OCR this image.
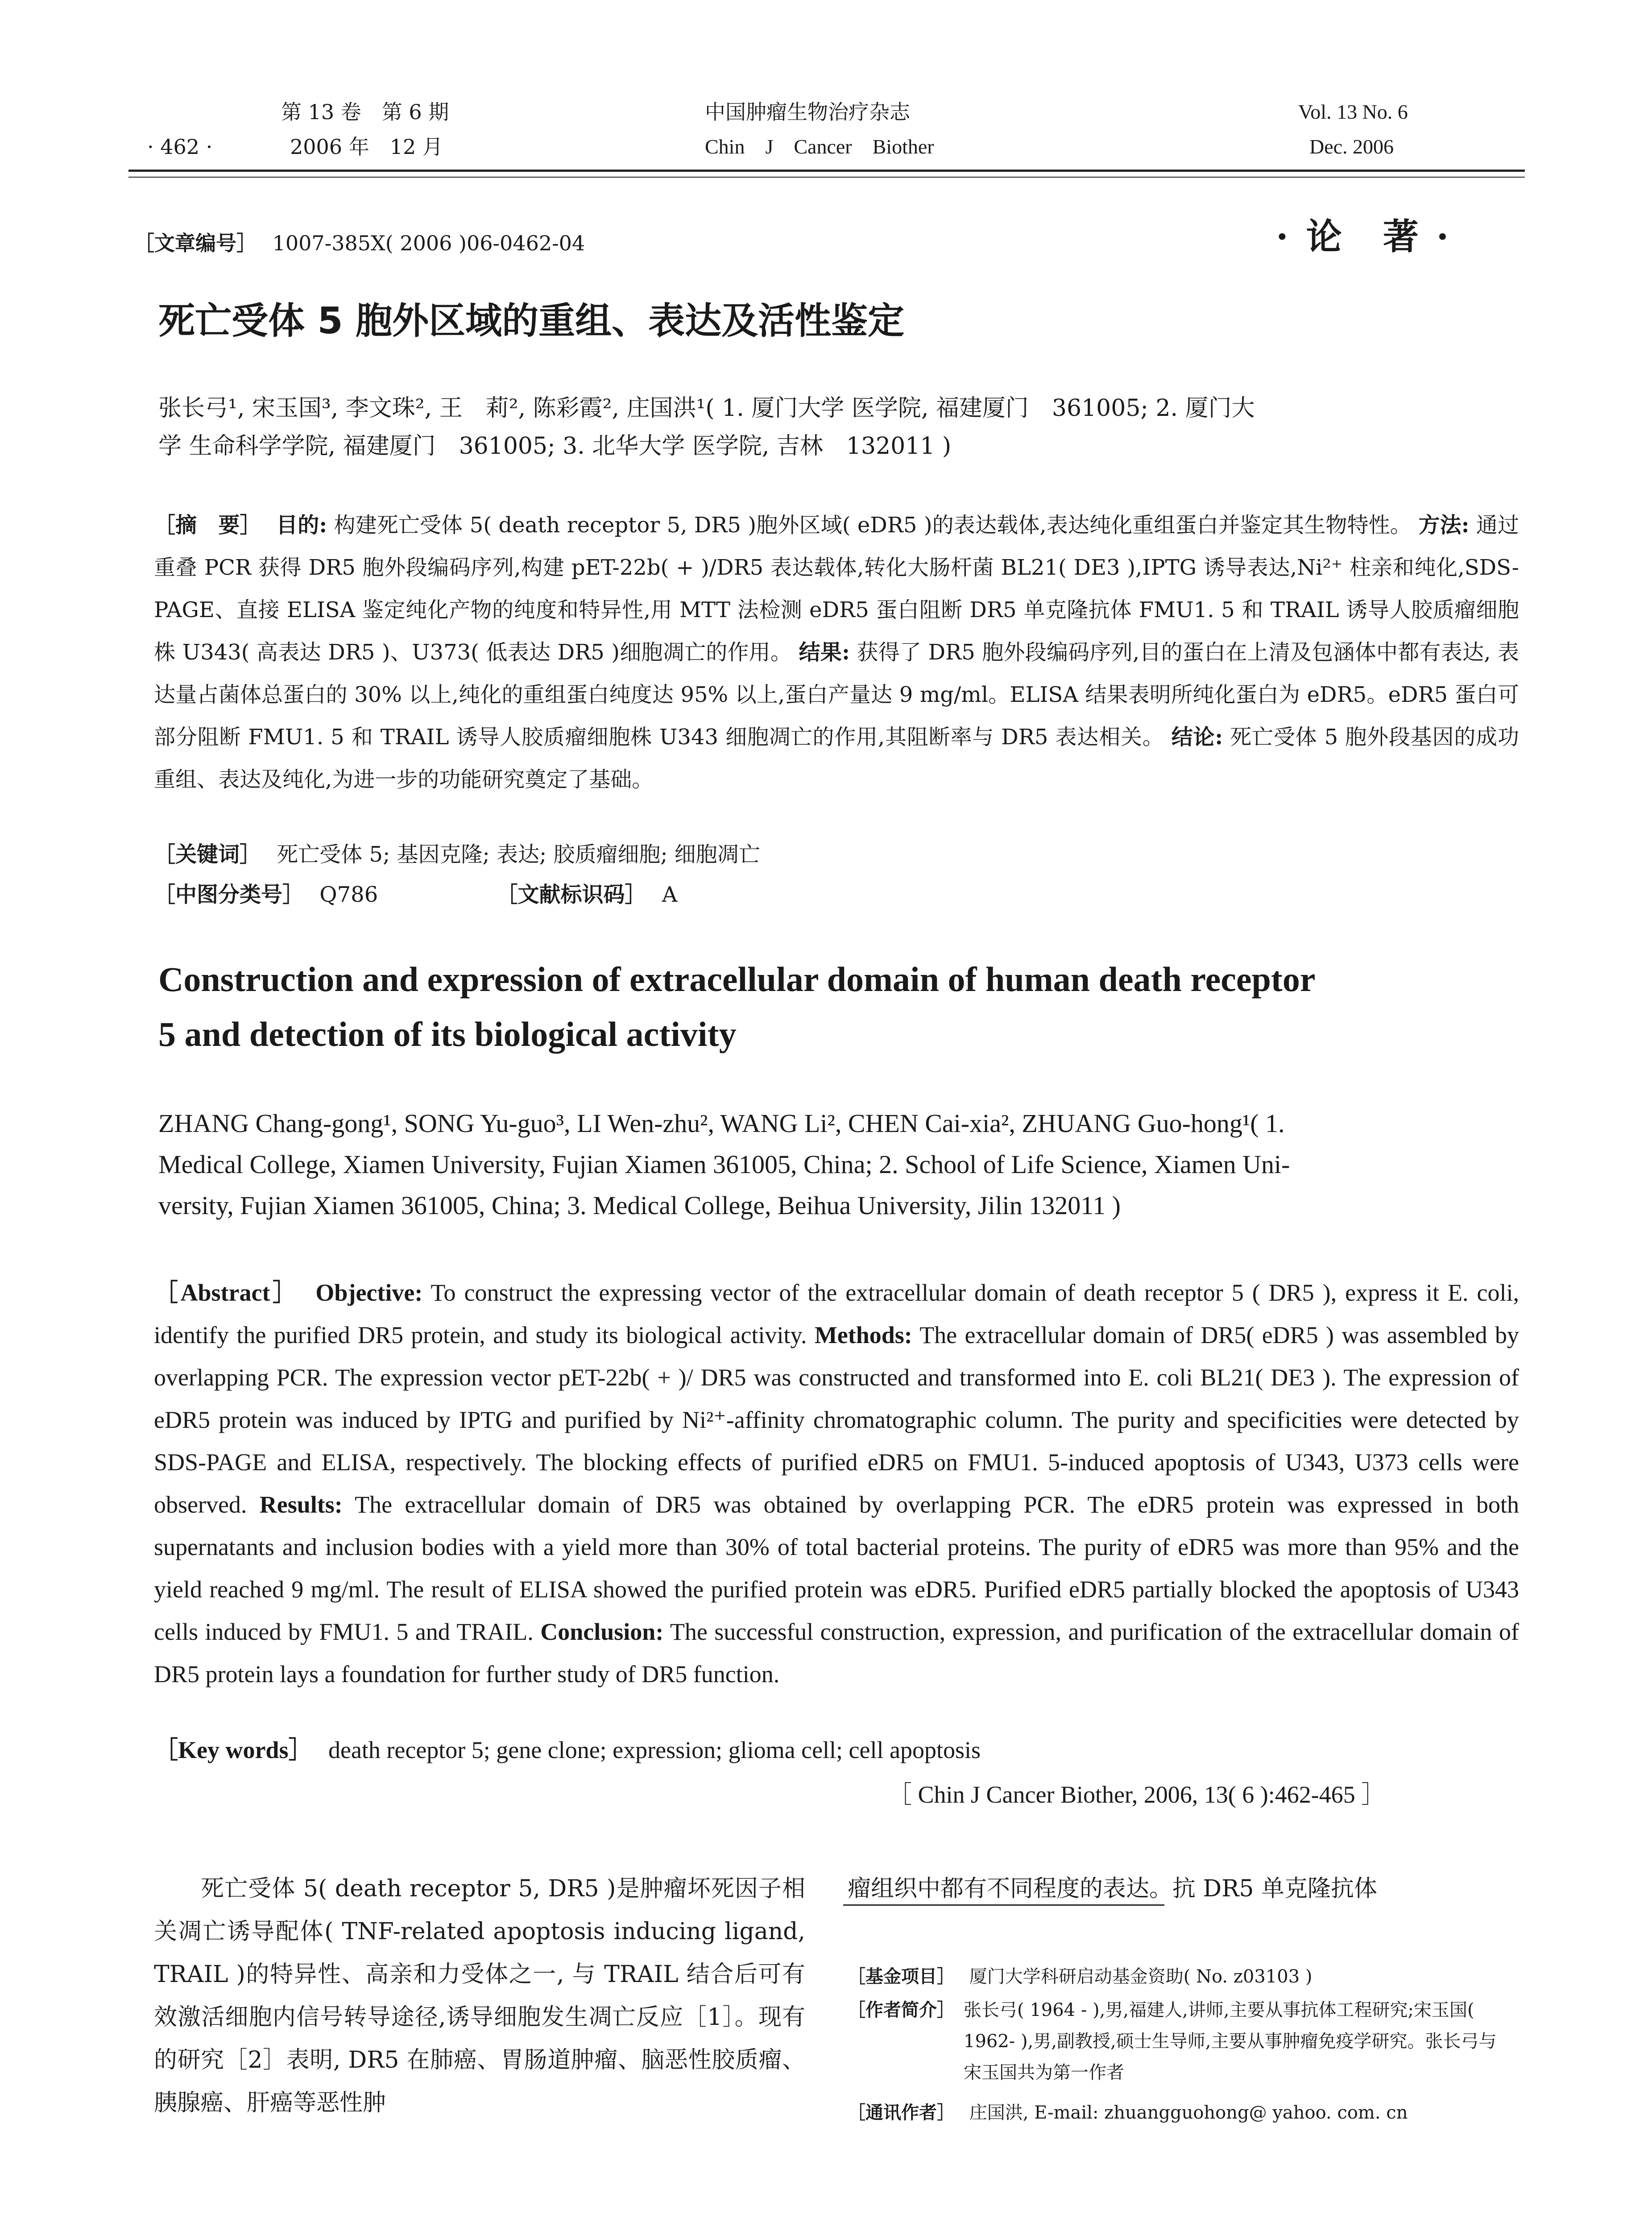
第 13 卷　第 6 期
· 462 ·	2006 年　12 月
中国肿瘤生物治疗杂志
Chin　J　Cancer　Biother
Vol. 13 No. 6
Dec. 2006
［文章编号］ 1007-385X( 2006 )06-0462-04	· 论　著 ·
死亡受体 5 胞外区域的重组、表达及活性鉴定
张长弓¹, 宋玉国³, 李文珠², 王　莉², 陈彩霞², 庄国洪¹( 1. 厦门大学 医学院, 福建厦门　361005; 2. 厦门大
学 生命科学学院, 福建厦门　361005; 3. 北华大学 医学院, 吉林　132011 )
［摘　要］ 目的: 构建死亡受体 5( death receptor 5, DR5 )胞外区域( eDR5 )的表达载体,表达纯化重组蛋白并鉴定其生物特性。 方法: 通过重叠 PCR 获得 DR5 胞外段编码序列,构建 pET-22b( + )/DR5 表达载体,转化大肠杆菌 BL21( DE3 ),IPTG 诱导表达,Ni²⁺ 柱亲和纯化,SDS-PAGE、直接 ELISA 鉴定纯化产物的纯度和特异性,用 MTT 法检测 eDR5 蛋白阻断 DR5 单克隆抗体 FMU1. 5 和 TRAIL 诱导人胶质瘤细胞株 U343( 高表达 DR5 )、U373( 低表达 DR5 )细胞凋亡的作用。 结果: 获得了 DR5 胞外段编码序列,目的蛋白在上清及包涵体中都有表达, 表达量占菌体总蛋白的 30% 以上,纯化的重组蛋白纯度达 95% 以上,蛋白产量达 9 mg/ml。ELISA 结果表明所纯化蛋白为 eDR5。eDR5 蛋白可部分阻断 FMU1. 5 和 TRAIL 诱导人胶质瘤细胞株 U343 细胞凋亡的作用,其阻断率与 DR5 表达相关。 结论: 死亡受体 5 胞外段基因的成功重组、表达及纯化,为进一步的功能研究奠定了基础。
［关键词］ 死亡受体 5; 基因克隆; 表达; 胶质瘤细胞; 细胞凋亡
［中图分类号］ Q786	［文献标识码］ A
Construction and expression of extracellular domain of human death receptor
5 and detection of its biological activity
ZHANG Chang-gong¹, SONG Yu-guo³, LI Wen-zhu², WANG Li², CHEN Cai-xia², ZHUANG Guo-hong¹( 1.
Medical College, Xiamen University, Fujian Xiamen 361005, China; 2. School of Life Science, Xiamen Uni-
versity, Fujian Xiamen 361005, China; 3. Medical College, Beihua University, Jilin 132011 )
［Abstract］ Objective: To construct the expressing vector of the extracellular domain of death receptor 5 ( DR5 ), express it E. coli, identify the purified DR5 protein, and study its biological activity. Methods: The extracellular domain of DR5( eDR5 ) was assembled by overlapping PCR. The expression vector pET-22b( + )/ DR5 was constructed and transformed into E. coli BL21( DE3 ). The expression of eDR5 protein was induced by IPTG and purified by Ni²⁺-affinity chromatographic column. The purity and specificities were detected by SDS-PAGE and ELISA, respectively. The blocking effects of purified eDR5 on FMU1. 5-induced apoptosis of U343, U373 cells were observed. Results: The extracellular domain of DR5 was obtained by overlapping PCR. The eDR5 protein was expressed in both supernatants and inclusion bodies with a yield more than 30% of total bacterial proteins. The purity of eDR5 was more than 95% and the yield reached 9 mg/ml. The result of ELISA showed the purified protein was eDR5. Purified eDR5 partially blocked the apoptosis of U343 cells induced by FMU1. 5 and TRAIL. Conclusion: The successful construction, expression, and purification of the extracellular domain of DR5 protein lays a foundation for further study of DR5 function.
［Key words］ death receptor 5; gene clone; expression; glioma cell; cell apoptosis
［ Chin J Cancer Biother, 2006, 13( 6 ):462-465 ］
死亡受体 5( death receptor 5, DR5 )是肿瘤坏死因子相关凋亡诱导配体( TNF-related apoptosis inducing ligand, TRAIL )的特异性、高亲和力受体之一, 与 TRAIL 结合后可有效激活细胞内信号转导途径,诱导细胞发生凋亡反应［1］。现有的研究［2］表明, DR5 在肺癌、胃肠道肿瘤、脑恶性胶质瘤、胰腺癌、肝癌等恶性肿
瘤组织中都有不同程度的表达。抗 DR5 单克隆抗体
［基金项目］ 厦门大学科研启动基金资助( No. z03103 )
［作者简介］ 张长弓( 1964 - ),男,福建人,讲师,主要从事抗体工程研究;宋玉国( 1962- ),男,副教授,硕士生导师,主要从事肿瘤免疫学研究。张长弓与宋玉国共为第一作者
［通讯作者］ 庄国洪, E-mail: zhuangguohong@ yahoo. com. cn
